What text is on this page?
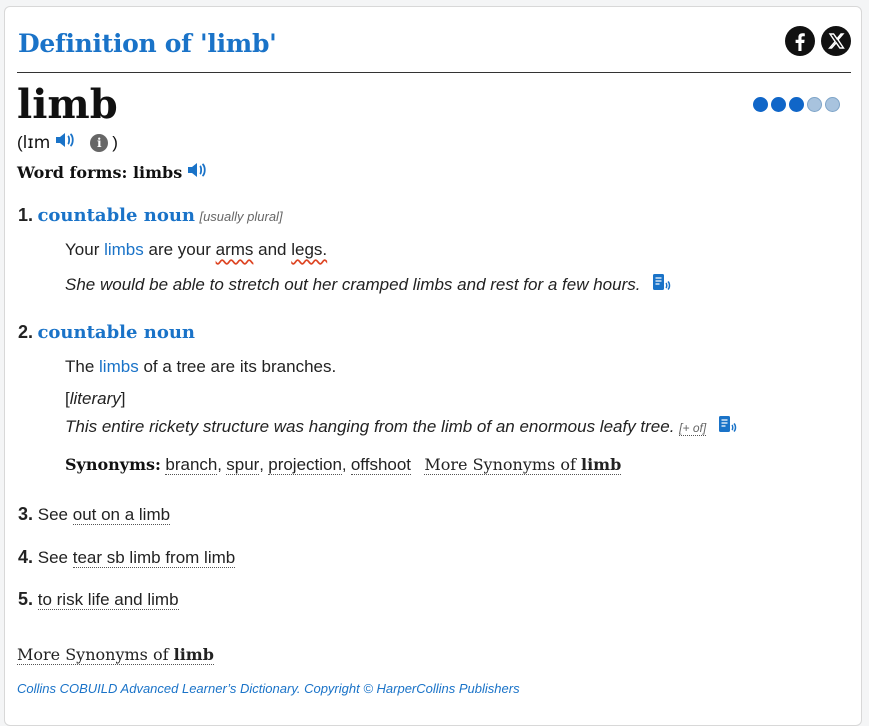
Definition of 'limb'
limb
( lɪm	i )
Word forms:
limbs
1. countable noun [usually plural]
Your limbs are your arms and legs.
She would be able to stretch out her cramped limbs and rest for a few hours.
2. countable noun
The limbs of a tree are its branches.
[literary]
This entire rickety structure was hanging from the limb of an enormous leafy tree. [+ of]
Synonyms: branch, spur, projection, offshoot More Synonyms of limb
3. See out on a limb
4. See tear sb limb from limb
5. to risk life and limb
More Synonyms of limb
Collins COBUILD Advanced Learner’s Dictionary. Copyright © HarperCollins Publishers
